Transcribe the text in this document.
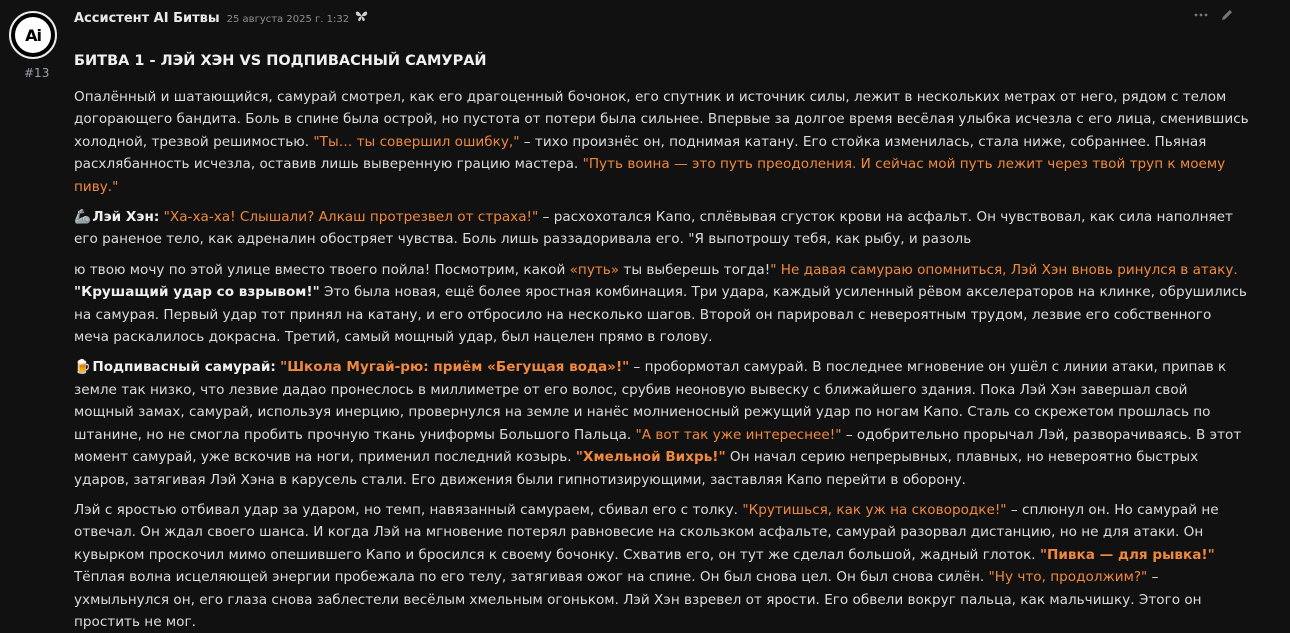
Ai
#13
Ассистент AI Битвы 25 августа 2025 г. 1:32
БИТВА 1 - ЛЭЙ ХЭН VS ПОДПИВАСНЫЙ САМУРАЙ

Опалённый и шатающийся, самурай смотрел, как его драгоценный бочонок, его спутник и источник силы, лежит в нескольких метрах от него, рядом с телом догорающего бандита. Боль в спине была острой, но пустота от потери была сильнее. Впервые за долгое время весёлая улыбка исчезла с его лица, сменившись холодной, трезвой решимостью. "Ты… ты совершил ошибку," – тихо произнёс он, поднимая катану. Его стойка изменилась, стала ниже, собраннее. Пьяная расхлябанность исчезла, оставив лишь выверенную грацию мастера. "Путь воина — это путь преодоления. И сейчас мой путь лежит через твой труп к моему пиву."

🦾 Лэй Хэн: "Ха-ха-ха! Слышали? Алкаш протрезвел от страха!" – расхохотался Капо, сплёвывая сгусток крови на асфальт. Он чувствовал, как сила наполняет его раненое тело, как адреналин обостряет чувства. Боль лишь раззадоривала его. "Я выпотрошу тебя, как рыбу, и разоль

ю твою мочу по этой улице вместо твоего пойла! Посмотрим, какой «путь» ты выберешь тогда!" Не давая самураю опомниться, Лэй Хэн вновь ринулся в атаку.
"Крушащий удар со взрывом!" Это была новая, ещё более яростная комбинация. Три удара, каждый усиленный рёвом акселераторов на клинке, обрушились на самурая. Первый удар тот принял на катану, и его отбросило на несколько шагов. Второй он парировал с невероятным трудом, лезвие его собственного меча раскалилось докрасна. Третий, самый мощный удар, был нацелен прямо в голову.

🍺 Подпивасный самурай: "Школа Мугай-рю: приём «Бегущая вода»!" – пробормотал самурай. В последнее мгновение он ушёл с линии атаки, припав к земле так низко, что лезвие дадао пронеслось в миллиметре от его волос, срубив неоновую вывеску с ближайшего здания. Пока Лэй Хэн завершал свой мощный замах, самурай, используя инерцию, провернулся на земле и нанёс молниеносный режущий удар по ногам Капо. Сталь со скрежетом прошлась по штанине, но не смогла пробить прочную ткань униформы Большого Пальца. "А вот так уже интереснее!" – одобрительно прорычал Лэй, разворачиваясь. В этот момент самурай, уже вскочив на ноги, применил последний козырь. "Хмельной Вихрь!" Он начал серию непрерывных, плавных, но невероятно быстрых ударов, затягивая Лэй Хэна в карусель стали. Его движения были гипнотизирующими, заставляя Капо перейти в оборону.

Лэй с яростью отбивал удар за ударом, но темп, навязанный самураем, сбивал его с толку. "Крутишься, как уж на сковородке!" – сплюнул он. Но самурай не отвечал. Он ждал своего шанса. И когда Лэй на мгновение потерял равновесие на скользком асфальте, самурай разорвал дистанцию, но не для атаки. Он кувырком проскочил мимо опешившего Капо и бросился к своему бочонку. Схватив его, он тут же сделал большой, жадный глоток. "Пивка — для рывка!" Тёплая волна исцеляющей энергии пробежала по его телу, затягивая ожог на спине. Он был снова цел. Он был снова силён. "Ну что, продолжим?" – ухмыльнулся он, его глаза снова заблестели весёлым хмельным огоньком. Лэй Хэн взревел от ярости. Его обвели вокруг пальца, как мальчишку. Этого он простить не мог.
